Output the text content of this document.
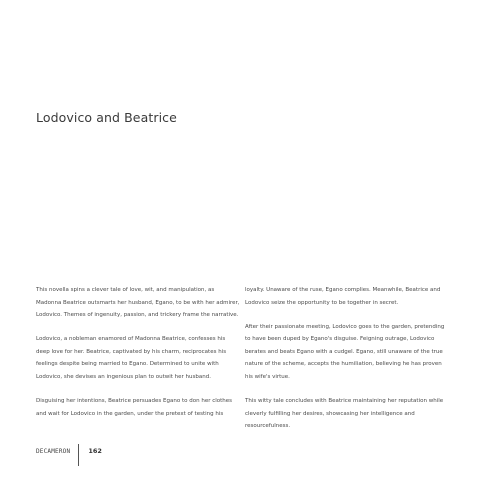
Lodovico and Beatrice

This novella spins a clever tale of love, wit, and manipulation, as Madonna Beatrice outsmarts her husband, Egano, to be with her admirer, Lodovico. Themes of ingenuity, passion, and trickery frame the narrative.

Lodovico, a nobleman enamored of Madonna Beatrice, confesses his deep love for her. Beatrice, captivated by his charm, reciprocates his feelings despite being married to Egano. Determined to unite with Lodovico, she devises an ingenious plan to outwit her husband.

Disguising her intentions, Beatrice persuades Egano to don her clothes and wait for Lodovico in the garden, under the pretext of testing his

loyalty. Unaware of the ruse, Egano complies. Meanwhile, Beatrice and Lodovico seize the opportunity to be together in secret.

After their passionate meeting, Lodovico goes to the garden, pretending to have been duped by Egano's disguise. Feigning outrage, Lodovico berates and beats Egano with a cudgel. Egano, still unaware of the true nature of the scheme, accepts the humiliation, believing he has proven his wife's virtue.

This witty tale concludes with Beatrice maintaining her reputation while cleverly fulfilling her desires, showcasing her intelligence and resourcefulness.

DECAMERON	162
